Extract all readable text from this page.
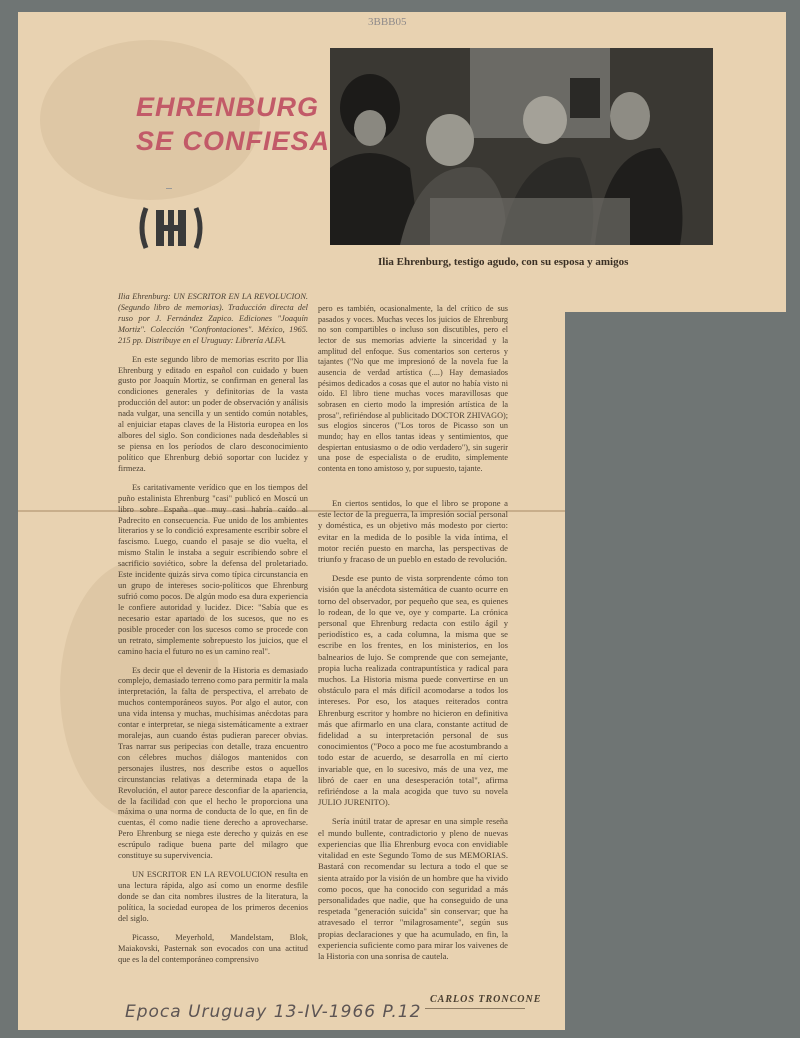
3BBB05
EHRENBURG
SE CONFIESA
Ilia Ehrenburg, testigo agudo, con su esposa y amigos

Ilia Ehrenburg: UN ESCRITOR EN LA REVOLUCION. (Segundo libro de memorias). Traducción directa del ruso por J. Fernández Zapico. Ediciones "Joaquín Mortiz". Colección "Confrontaciones". México, 1965. 215 pp. Distribuye en el Uruguay: Librería ALFA.

En este segundo libro de memorias escrito por Ilia Ehrenburg y editado en español con cuidado y buen gusto por Joaquín Mortiz, se confirman en general las condiciones generales y definitorias de la vasta producción del autor: un poder de observación y análisis nada vulgar, una sencilla y un sentido común notables, al enjuiciar etapas claves de la Historia europea en los albores del siglo. Son condiciones nada desdeñables si se piensa en los períodos de claro desconocimiento político que Ehrenburg debió soportar con lucidez y firmeza.

Es caritativamente verídico que en los tiempos del puño estalinista Ehrenburg "casi" publicó en Moscú un libro sobre España que muy casi habría caído al Padrecito en consecuencia. Fue unido de los ambientes literarios y se lo condició expresamente escribir sobre el fascismo. Luego, cuando el pasaje se dio vuelta, el mismo Stalin le instaba a seguir escribiendo sobre el sacrificio soviético, sobre la defensa del proletariado. Este incidente quizás sirva como típica circunstancia en un grupo de intereses socio-políticos que Ehrenburg sufrió como pocos. De algún modo esa dura experiencia le confiere autoridad y lucidez. Dice: "Sabía que es necesario estar apartado de los sucesos, que no es posible proceder con los sucesos como se procede con un retrato, simplemente sobrepuesto los juicios, que el camino hacia el futuro no es un camino real".

Es decir que el devenir de la Historia es demasiado complejo, demasiado terreno como para permitir la mala interpretación, la falta de perspectiva, el arrebato de muchos contemporáneos suyos. Por algo el autor, con una vida intensa y muchas, muchísimas anécdotas para contar e interpretar, se niega sistemáticamente a extraer moralejas, aun cuando éstas pudieran parecer obvias. Tras narrar sus peripecias con detalle, traza encuentro con célebres muchos diálogos mantenidos con personajes ilustres, nos describe estos o aquellos circunstancias relativas a determinada etapa de la Revolución, el autor parece desconfiar de la apariencia, de la facilidad con que el hecho le proporciona una máxima o una norma de conducta de lo que, en fin de cuentas, él como nadie tiene derecho a aprovecharse. Pero Ehrenburg se niega este derecho y quizás en ese escrúpulo radique buena parte del milagro que constituye su supervivencia.

UN ESCRITOR EN LA REVOLUCION resulta en una lectura rápida, algo así como un enorme desfile donde se dan cita nombres ilustres de la literatura, la política, la sociedad europea de los primeros decenios del siglo.

Picasso, Meyerhold, Mandelstam, Blok, Maiakovski, Pasternak son evocados con una actitud que es la del contemporáneo comprensivo

pero es también, ocasionalmente, la del crítico de sus pasados y voces. Muchas veces los juicios de Ehrenburg no son compartibles o incluso son discutibles, pero el lector de sus memorias advierte la sinceridad y la amplitud del enfoque. Sus comentarios son certeros y tajantes ("No que me impresionó de la novela fue la ausencia de verdad artística (....) Hay demasiados pésimos dedicados a cosas que el autor no había visto ni oído. El libro tiene muchas voces maravillosas que sobrasen en cierto modo la impresión artística de la prosa", refiriéndose al publicitado DOCTOR ZHIVAGO); sus elogios sinceros ("Los toros de Picasso son un mundo; hay en ellos tantas ideas y sentimientos, que despiertan entusiasmo o de odio verdadero"), sin sugerir una pose de especialista o de erudito, simplemente contenta en tono amistoso y, por supuesto, tajante.

En ciertos sentidos, lo que el libro se propone a este lector de la preguerra, la impresión social personal y doméstica, es un objetivo más modesto por cierto: evitar en la medida de lo posible la vida íntima, el motor recién puesto en marcha, las perspectivas de triunfo y fracaso de un pueblo en estado de revolución.

Desde ese punto de vista sorprendente cómo ton visión que la anécdota sistemática de cuanto ocurre en torno del observador, por pequeño que sea, es quienes lo rodean, de lo que ve, oye y comparte. La crónica personal que Ehrenburg redacta con estilo ágil y periodístico es, a cada columna, la misma que se escribe en los frentes, en los ministerios, en los balnearios de lujo. Se comprende que con semejante, propia lucha realizada contrapuntística y radical para muchos. La Historia misma puede convertirse en un obstáculo para el más difícil acomodarse a todos los intereses. Por eso, los ataques reiterados contra Ehrenburg escritor y hombre no hicieron en definitiva más que afirmarlo en una clara, constante actitud de fidelidad a su interpretación personal de sus conocimientos ("Poco a poco me fue acostumbrando a todo estar de acuerdo, se desarrolla en mí cierto invariable que, en lo sucesivo, más de una vez, me libró de caer en una desesperación total", afirma refiriéndose a la mala acogida que tuvo su novela JULIO JURENITO).

Sería inútil tratar de apresar en una simple reseña el mundo bullente, contradictorio y pleno de nuevas experiencias que Ilia Ehrenburg evoca con envidiable vitalidad en este Segundo Tomo de sus MEMORIAS. Bastará con recomendar su lectura a todo el que se sienta atraído por la visión de un hombre que ha vivido como pocos, que ha conocido con seguridad a más personalidades que nadie, que ha conseguido de una respetada "generación suicida" sin conservar; que ha atravesado el terror "milagrosamente", según sus propias declaraciones y que ha acumulado, en fin, la experiencia suficiente como para mirar los vaivenes de la Historia con una sonrisa de cautela.

CARLOS TRONCONE
Epoca Uruguay 13-IV-1966 P.12
